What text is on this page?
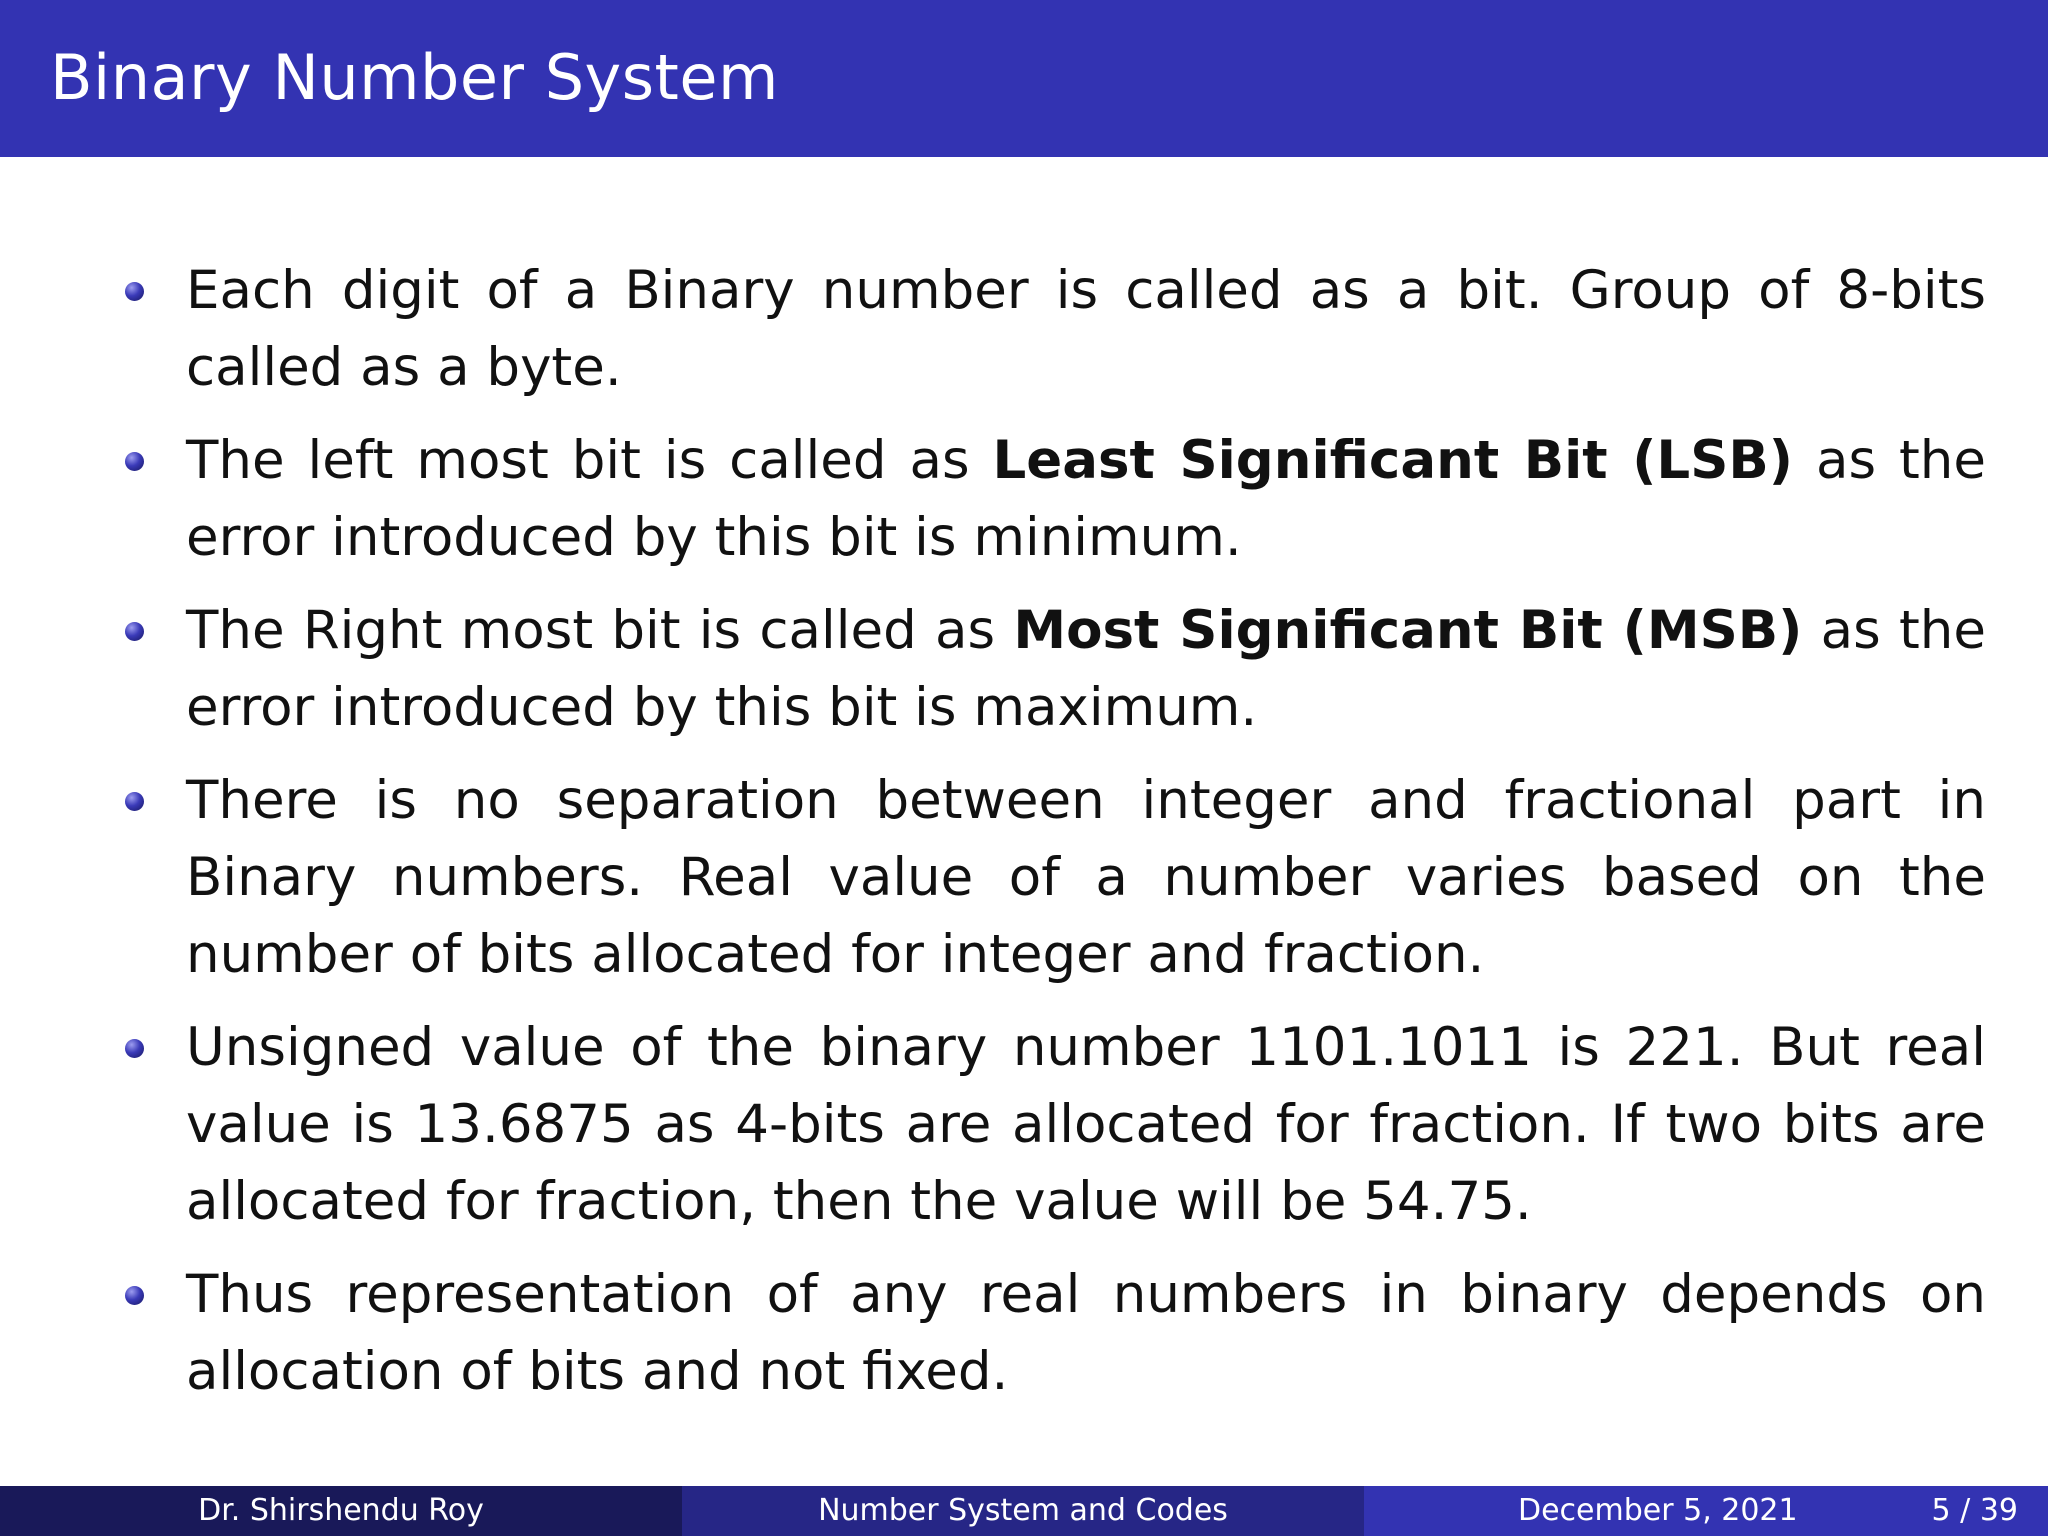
Binary Number System
Each digit of a Binary number is called as a bit. Group of 8-bits called as a byte.
The left most bit is called as Least Significant Bit (LSB) as the error introduced by this bit is minimum.
The Right most bit is called as Most Significant Bit (MSB) as the error introduced by this bit is maximum.
There is no separation between integer and fractional part in Binary numbers. Real value of a number varies based on the number of bits allocated for integer and fraction.
Unsigned value of the binary number 1101.1011 is 221. But real value is 13.6875 as 4-bits are allocated for fraction. If two bits are allocated for fraction, then the value will be 54.75.
Thus representation of any real numbers in binary depends on allocation of bits and not fixed.
Dr. Shirshendu Roy	Number System and Codes	December 5, 2021	5 / 39
